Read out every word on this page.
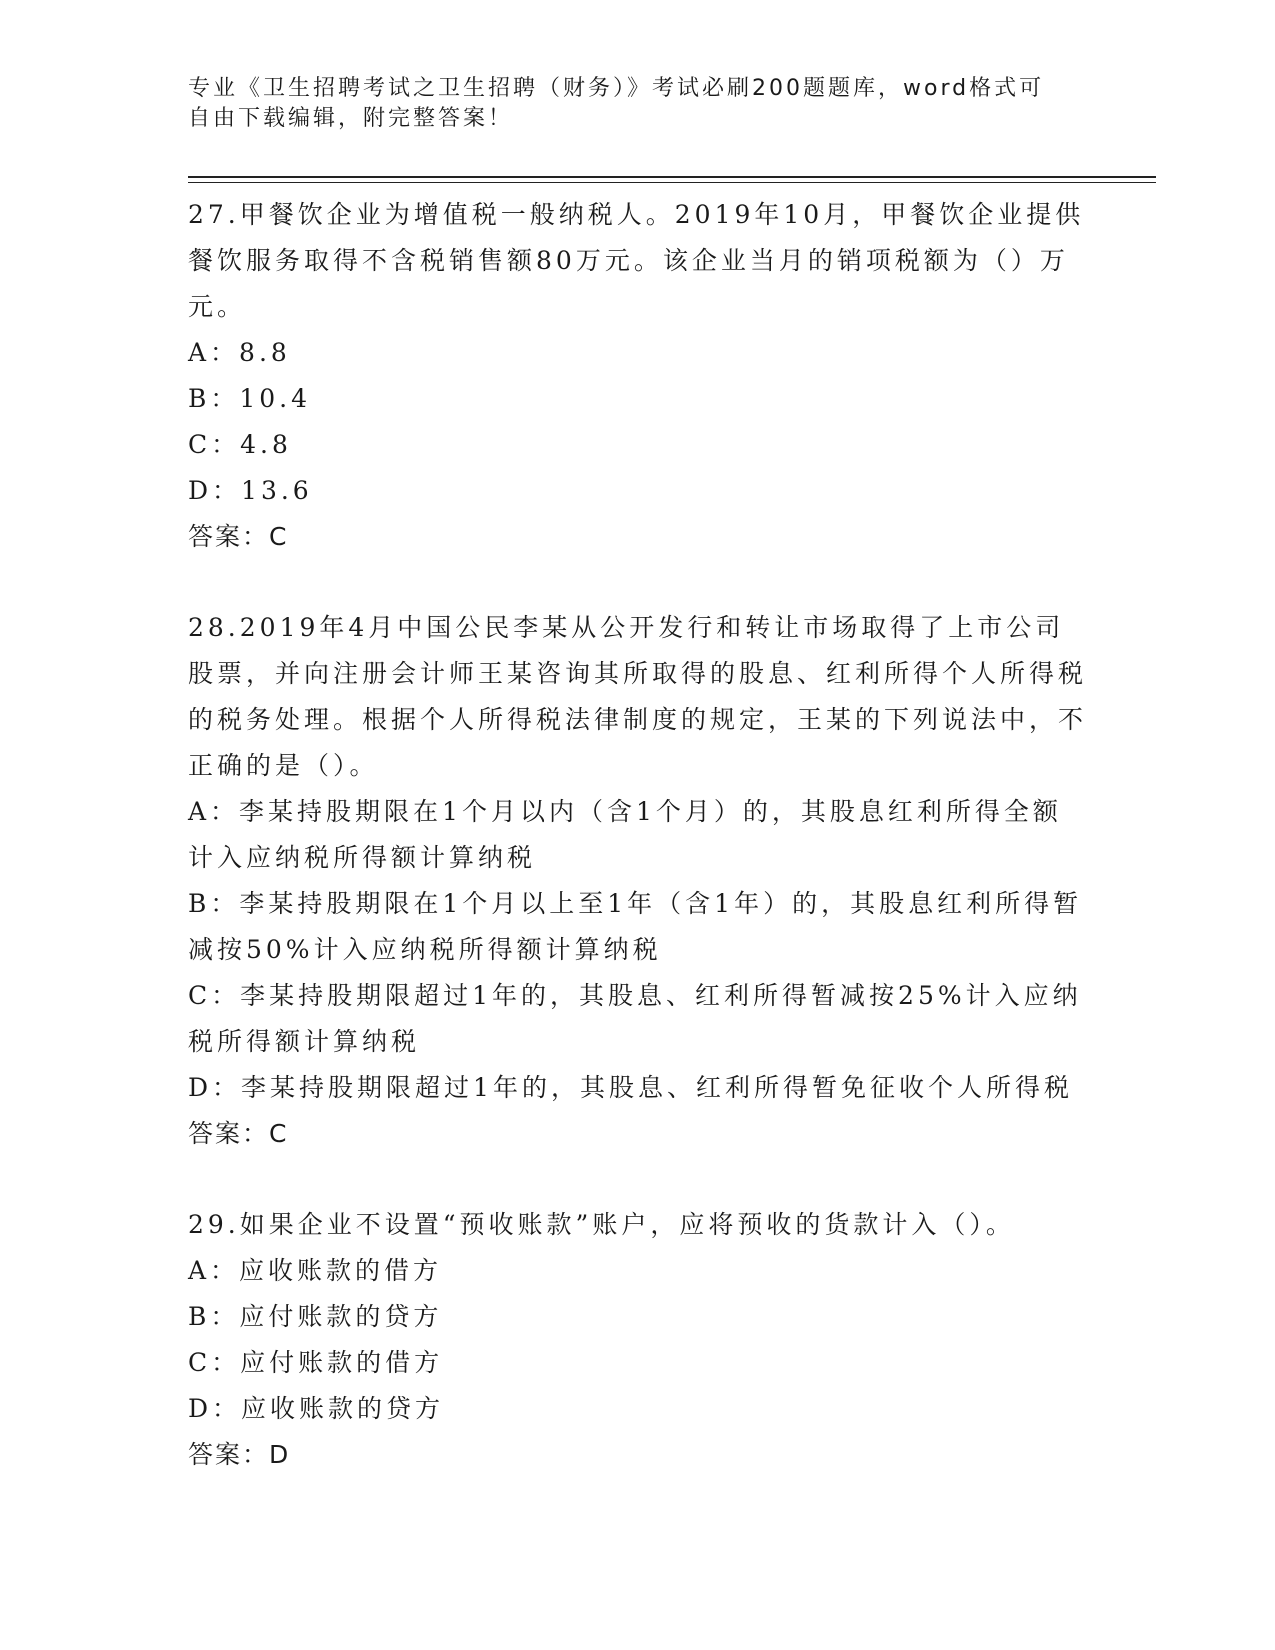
专业《卫生招聘考试之卫生招聘（财务）》考试必刷200题题库，word格式可自由下载编辑，附完整答案！

27.甲餐饮企业为增值税一般纳税人。2019年10月，甲餐饮企业提供餐饮服务取得不含税销售额80万元。该企业当月的销项税额为（）万元。

A：8.8

B：10.4

C：4.8

D：13.6

答案：C

28.2019年4月中国公民李某从公开发行和转让市场取得了上市公司股票，并向注册会计师王某咨询其所取得的股息、红利所得个人所得税的税务处理。根据个人所得税法律制度的规定，王某的下列说法中，不正确的是（）。

A：李某持股期限在1个月以内（含1个月）的，其股息红利所得全额计入应纳税所得额计算纳税

B：李某持股期限在1个月以上至1年（含1年）的，其股息红利所得暂减按50%计入应纳税所得额计算纳税

C：李某持股期限超过1年的，其股息、红利所得暂减按25%计入应纳税所得额计算纳税

D：李某持股期限超过1年的，其股息、红利所得暂免征收个人所得税

答案：C

29.如果企业不设置“预收账款”账户，应将预收的货款计入（）。

A：应收账款的借方

B：应付账款的贷方

C：应付账款的借方

D：应收账款的贷方

答案：D
